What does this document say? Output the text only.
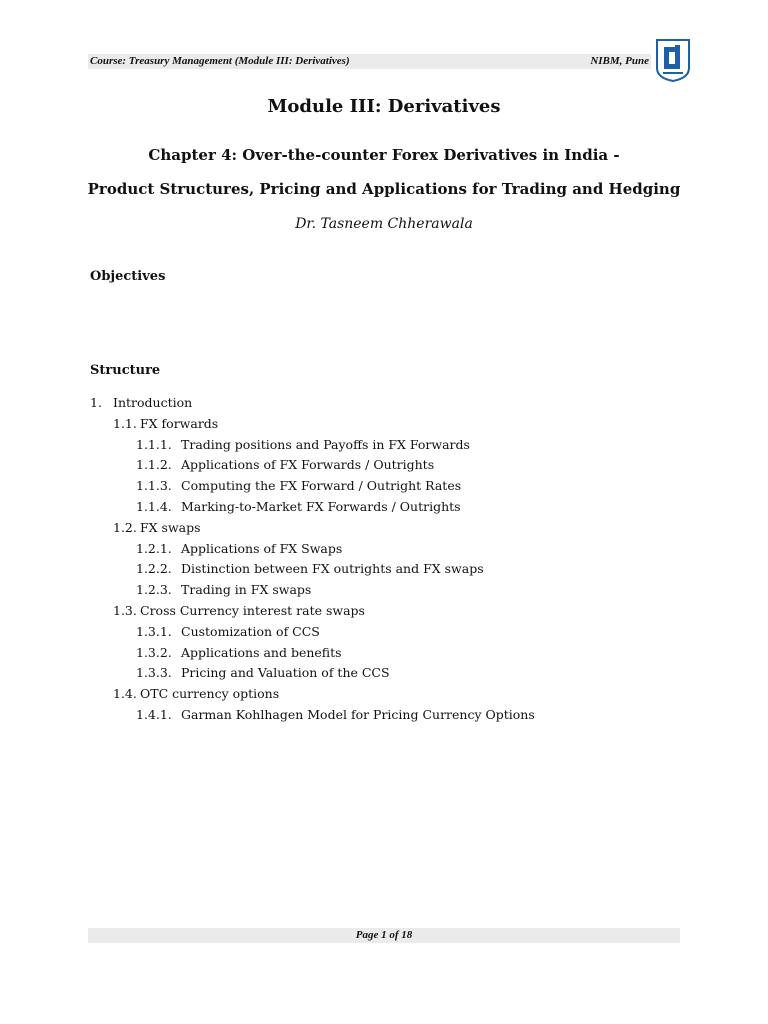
Course: Treasury Management (Module III: Derivatives)	NIBM, Pune
Module III: Derivatives
Chapter 4: Over-the-counter Forex Derivatives in India -
Product Structures, Pricing and Applications for Trading and Hedging
Dr. Tasneem Chherawala
Objectives
Structure
1. Introduction
1.1. FX forwards
1.1.1. Trading positions and Payoffs in FX Forwards
1.1.2. Applications of FX Forwards / Outrights
1.1.3. Computing the FX Forward / Outright Rates
1.1.4. Marking-to-Market FX Forwards / Outrights
1.2. FX swaps
1.2.1. Applications of FX Swaps
1.2.2. Distinction between FX outrights and FX swaps
1.2.3. Trading in FX swaps
1.3. Cross Currency interest rate swaps
1.3.1. Customization of CCS
1.3.2. Applications and benefits
1.3.3. Pricing and Valuation of the CCS
1.4. OTC currency options
1.4.1. Garman Kohlhagen Model for Pricing Currency Options
Page 1 of 18
